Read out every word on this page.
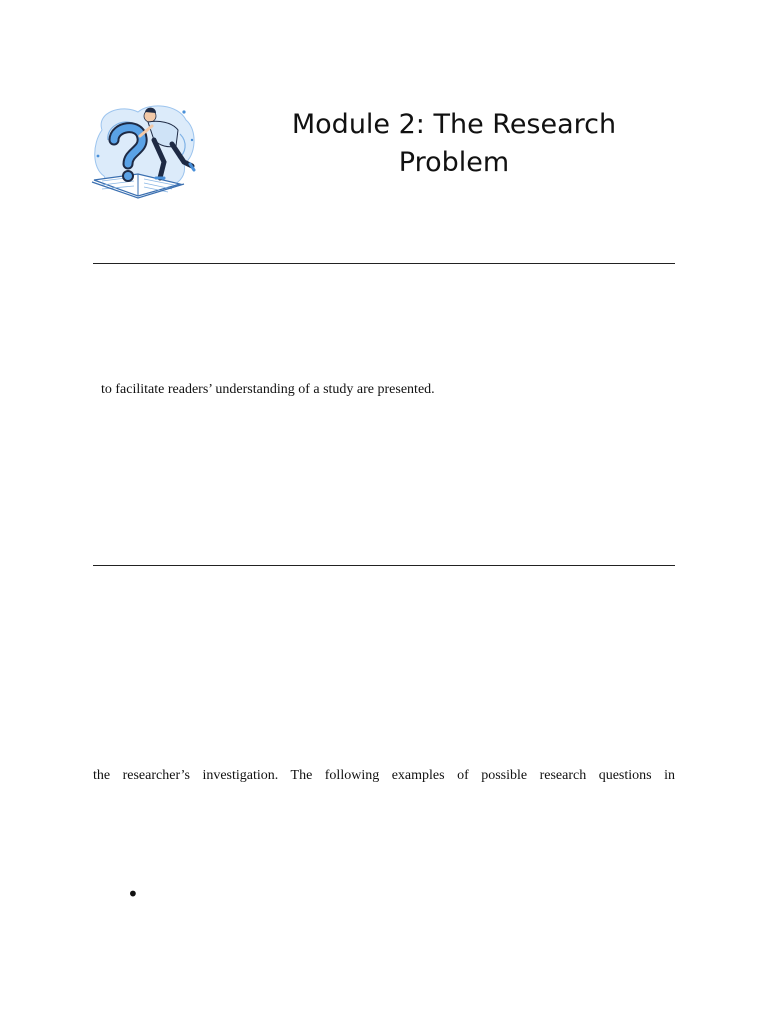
Module 2: The Research
Problem
to facilitate readers’ understanding of a study are presented.
the researcher’s investigation. The following examples of possible research questions in
•
